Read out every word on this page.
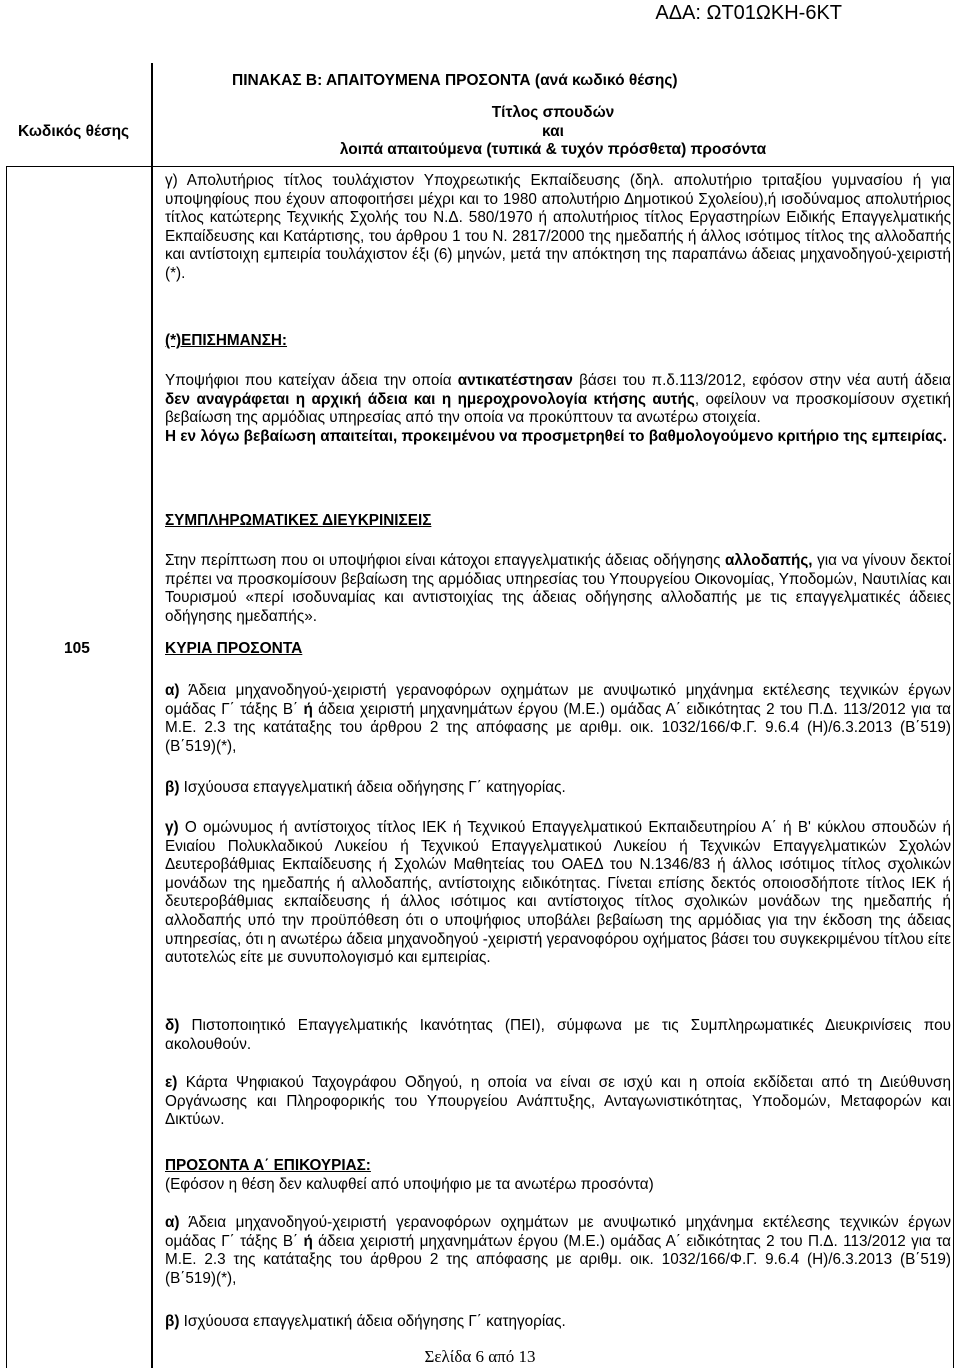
ΑΔΑ: ΩΤ01ΩΚΗ-6ΚΤ
ΠΙΝΑΚΑΣ Β: ΑΠΑΙΤΟΥΜΕΝΑ ΠΡΟΣΟΝΤΑ (ανά κωδικό θέσης)
Κωδικός θέσης
Τίτλος σπουδών
και
λοιπά απαιτούμενα (τυπικά & τυχόν πρόσθετα) προσόντα

γ) Απολυτήριος τίτλος τουλάχιστον Υποχρεωτικής Εκπαίδευσης (δηλ. απολυτήριο τριταξίου γυμνασίου ή για υποψηφίους που έχουν αποφοιτήσει μέχρι και το 1980 απολυτήριο Δημοτικού Σχολείου),ή ισοδύναμος απολυτήριος τίτλος κατώτερης Τεχνικής Σχολής του Ν.Δ. 580/1970 ή απολυτήριος τίτλος Εργαστηρίων Ειδικής Επαγγελματικής Εκπαίδευσης και Κατάρτισης, του άρθρου 1 του Ν. 2817/2000 της ημεδαπής ή άλλος ισότιμος τίτλος της αλλοδαπής και αντίστοιχη εμπειρία τουλάχιστον έξι (6) μηνών, μετά την απόκτηση της παραπάνω άδειας μηχανοδηγού-χειριστή (*).

(*)ΕΠΙΣΗΜΑΝΣΗ:

Υποψήφιοι που κατείχαν άδεια την οποία αντικατέστησαν βάσει του π.δ.113/2012, εφόσον στην νέα αυτή άδεια δεν αναγράφεται η αρχική άδεια και η ημεροχρονολογία κτήσης αυτής, οφείλουν να προσκομίσουν σχετική βεβαίωση της αρμόδιας υπηρεσίας από την οποία να προκύπτουν τα ανωτέρω στοιχεία.

Η εν λόγω βεβαίωση απαιτείται, προκειμένου να προσμετρηθεί το βαθμολογούμενο κριτήριο της εμπειρίας.

ΣΥΜΠΛΗΡΩΜΑΤΙΚΕΣ ΔΙΕΥΚΡΙΝΙΣΕΙΣ

Στην περίπτωση που οι υποψήφιοι είναι κάτοχοι επαγγελματικής άδειας οδήγησης αλλοδαπής, για να γίνουν δεκτοί πρέπει να προσκομίσουν βεβαίωση της αρμόδιας υπηρεσίας του Υπουργείου Οικονομίας, Υποδομών, Ναυτιλίας και Τουρισμού «περί ισοδυναμίας και αντιστοιχίας της άδειας οδήγησης αλλοδαπής με τις επαγγελματικές άδειες οδήγησης ημεδαπής».

105	ΚΥΡΙΑ ΠΡΟΣΟΝΤΑ

α) Άδεια μηχανοδηγού-χειριστή γερανοφόρων οχημάτων με ανυψωτικό μηχάνημα εκτέλεσης τεχνικών έργων ομάδας Γ΄ τάξης Β΄ ή άδεια χειριστή μηχανημάτων έργου (Μ.Ε.) ομάδας Α΄ ειδικότητας 2 του Π.Δ. 113/2012 για τα Μ.Ε. 2.3 της κατάταξης του άρθρου 2 της απόφασης με αριθμ. οικ. 1032/166/Φ.Γ. 9.6.4 (Η)/6.3.2013 (Β΄519) (Β΄519)(*),

β) Ισχύουσα επαγγελματική άδεια οδήγησης Γ΄ κατηγορίας.

γ) Ο ομώνυμος ή αντίστοιχος τίτλος ΙΕΚ ή Τεχνικού Επαγγελματικού Εκπαιδευτηρίου Α΄ ή Β' κύκλου σπουδών ή Ενιαίου Πολυκλαδικού Λυκείου ή Τεχνικού Επαγγελματικού Λυκείου ή Τεχνικών Επαγγελματικών Σχολών Δευτεροβάθμιας Εκπαίδευσης ή Σχολών Μαθητείας του ΟΑΕΔ του Ν.1346/83 ή άλλος ισότιμος τίτλος σχολικών μονάδων της ημεδαπής ή αλλοδαπής, αντίστοιχης ειδικότητας. Γίνεται επίσης δεκτός οποιοσδήποτε τίτλος ΙΕΚ ή δευτεροβάθμιας εκπαίδευσης ή άλλος ισότιμος και αντίστοιχος τίτλος σχολικών μονάδων της ημεδαπής ή αλλοδαπής υπό την προϋπόθεση ότι ο υποψήφιος υποβάλει βεβαίωση της αρμόδιας για την έκδοση της άδειας υπηρεσίας, ότι η ανωτέρω άδεια μηχανοδηγού -χειριστή γερανοφόρου οχήματος βάσει του συγκεκριμένου τίτλου είτε αυτοτελώς είτε με συνυπολογισμό και εμπειρίας.

δ) Πιστοποιητικό Επαγγελματικής Ικανότητας (ΠΕΙ), σύμφωνα με τις Συμπληρωματικές Διευκρινίσεις που ακολουθούν.

ε) Κάρτα Ψηφιακού Ταχογράφου Οδηγού, η οποία να είναι σε ισχύ και η οποία εκδίδεται από τη Διεύθυνση Οργάνωσης και Πληροφορικής του Υπουργείου Ανάπτυξης, Ανταγωνιστικότητας, Υποδομών, Μεταφορών και Δικτύων.

ΠΡΟΣΟΝΤΑ Α΄ ΕΠΙΚΟΥΡΙΑΣ:

(Εφόσον η θέση δεν καλυφθεί από υποψήφιο με τα ανωτέρω προσόντα)

α) Άδεια μηχανοδηγού-χειριστή γερανοφόρων οχημάτων με ανυψωτικό μηχάνημα εκτέλεσης τεχνικών έργων ομάδας Γ΄ τάξης Β΄ ή άδεια χειριστή μηχανημάτων έργου (Μ.Ε.) ομάδας Α΄ ειδικότητας 2 του Π.Δ. 113/2012 για τα Μ.Ε. 2.3 της κατάταξης του άρθρου 2 της απόφασης με αριθμ. οικ. 1032/166/Φ.Γ. 9.6.4 (Η)/6.3.2013 (Β΄519) (Β΄519)(*),

β) Ισχύουσα επαγγελματική άδεια οδήγησης Γ΄ κατηγορίας.

Σελίδα 6 από 13
